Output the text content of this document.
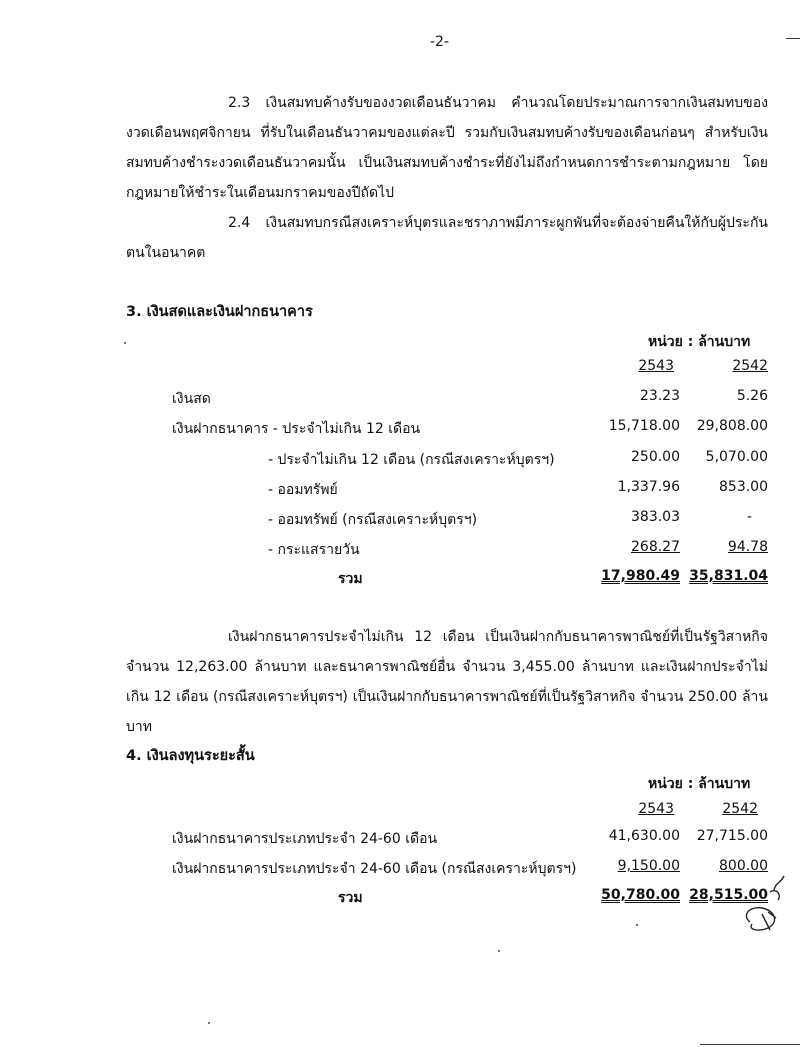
-2-
2.3 เงินสมทบค้างรับของงวดเดือนธันวาคม คำนวณโดยประมาณการจากเงินสมทบของงวดเดือนพฤศจิกายน ที่รับในเดือนธันวาคมของแต่ละปี รวมกับเงินสมทบค้างรับของเดือนก่อนๆ สำหรับเงินสมทบค้างชำระงวดเดือนธันวาคมนั้น เป็นเงินสมทบค้างชำระที่ยังไม่ถึงกำหนดการชำระตามกฎหมาย โดยกฎหมายให้ชำระในเดือนมกราคมของปีถัดไป
2.4 เงินสมทบกรณีสงเคราะห์บุตรและชราภาพมีภาระผูกพันที่จะต้องจ่ายคืนให้กับผู้ประกันตนในอนาคต
3. เงินสดและเงินฝากธนาคาร
หน่วย : ล้านบาท
2543	2542
เงินสด	23.23	5.26
เงินฝากธนาคาร - ประจำไม่เกิน 12 เดือน	15,718.00	29,808.00
- ประจำไม่เกิน 12 เดือน (กรณีสงเคราะห์บุตรฯ)	250.00	5,070.00
- ออมทรัพย์	1,337.96	853.00
- ออมทรัพย์ (กรณีสงเคราะห์บุตรฯ)	383.03	-
- กระแสรายวัน	268.27	94.78
รวม	17,980.49 35,831.04
เงินฝากธนาคารประจำไม่เกิน 12 เดือน เป็นเงินฝากกับธนาคารพาณิชย์ที่เป็นรัฐวิสาหกิจ จำนวน 12,263.00 ล้านบาท และธนาคารพาณิชย์อื่น จำนวน 3,455.00 ล้านบาท และเงินฝากประจำไม่เกิน 12 เดือน (กรณีสงเคราะห์บุตรฯ) เป็นเงินฝากกับธนาคารพาณิชย์ที่เป็นรัฐวิสาหกิจ จำนวน 250.00 ล้านบาท
4. เงินลงทุนระยะสั้น
หน่วย : ล้านบาท
2543	2542
เงินฝากธนาคารประเภทประจำ 24-60 เดือน	41,630.00	27,715.00
เงินฝากธนาคารประเภทประจำ 24-60 เดือน (กรณีสงเคราะห์บุตรฯ)	9,150.00	800.00
รวม	50,780.00 28,515.00
